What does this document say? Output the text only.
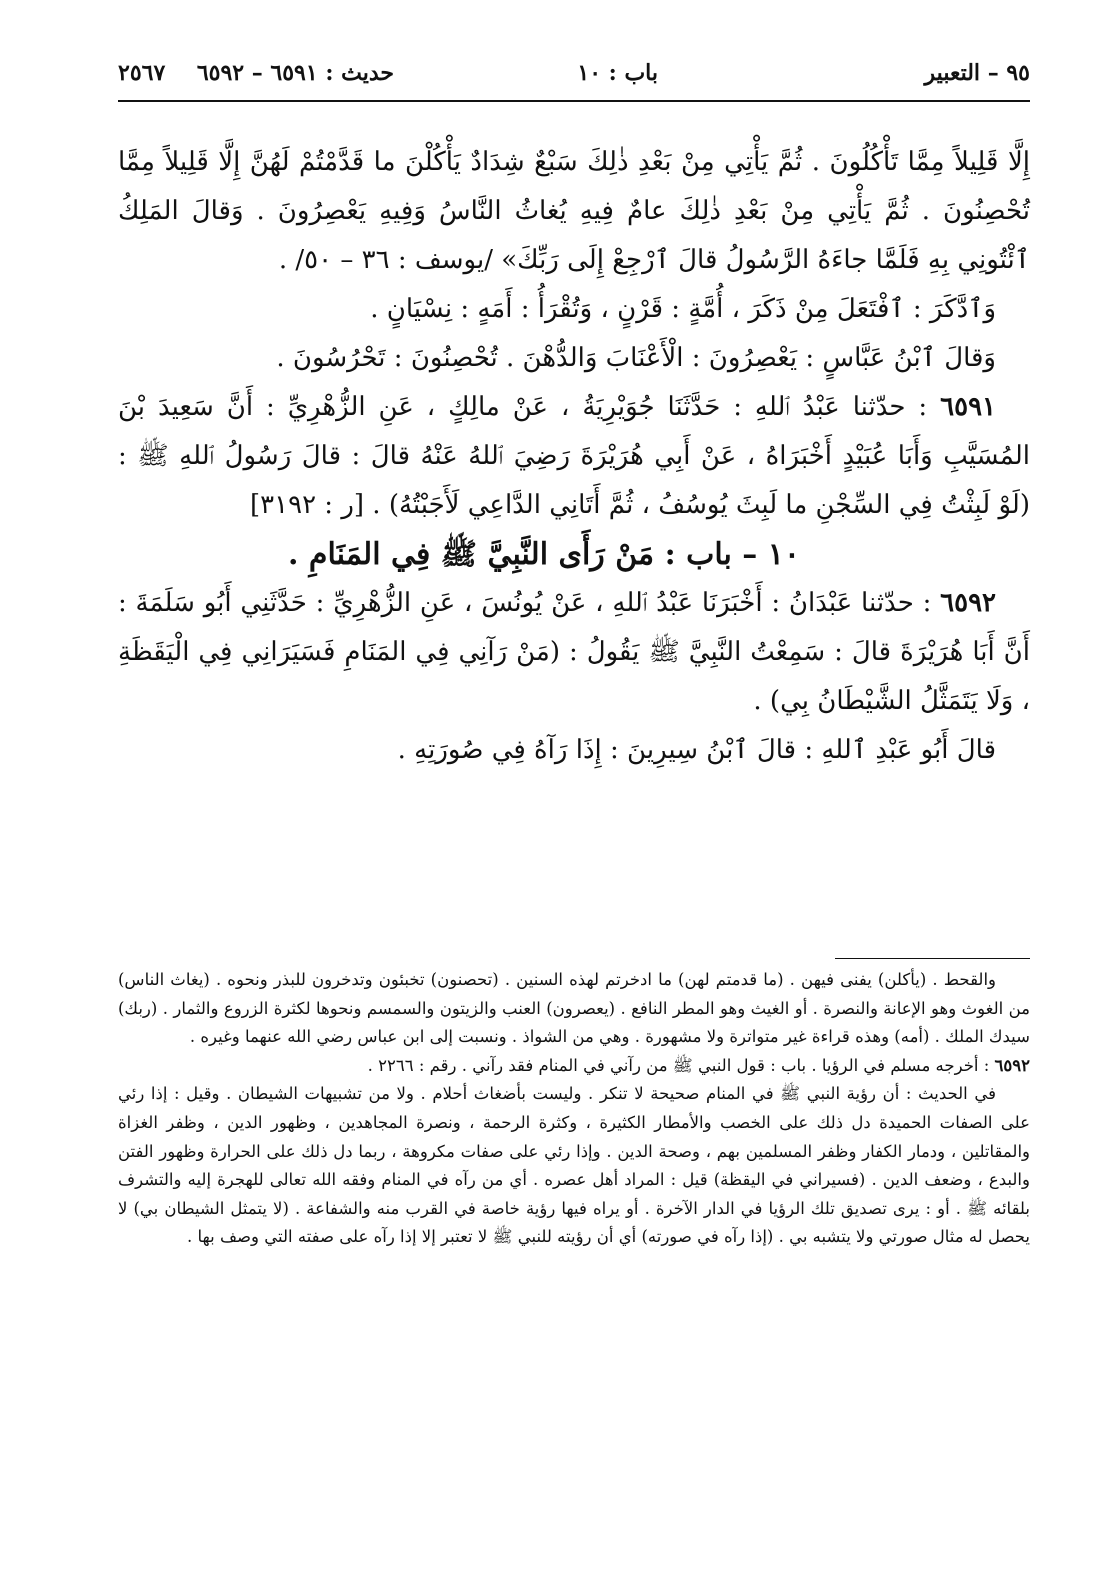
٩٥ – التعبير
باب : ١٠
حديث : ٦٥٩١ – ٦٥٩٢
٢٥٦٧

إِلَّا قَلِيلاً مِمَّا تَأْكُلُونَ . ثُمَّ يَأْتِي مِنْ بَعْدِ ذٰلِكَ سَبْعٌ شِدَادٌ يَأْكُلْنَ ما قَدَّمْتُمْ لَهُنَّ إِلَّا قَلِيلاً مِمَّا تُحْصِنُونَ . ثُمَّ يَأْتِي مِنْ بَعْدِ ذٰلِكَ عامٌ فِيهِ يُغاثُ النَّاسُ وَفِيهِ يَعْصِرُونَ . وَقالَ المَلِكُ ٱئْتُونِي بِهِ فَلَمَّا جاءَهُ الرَّسُولُ قالَ ٱرْجِعْ إِلَى رَبِّكَ» /يوسف : ٣٦ – ٥٠/ .

وَٱدَّكَرَ : ٱفْتَعَلَ مِنْ ذَكَرَ ، أُمَّةٍ : قَرْنٍ ، وَتُقْرَأُ : أَمَهٍ : نِسْيَانٍ .

وَقالَ ٱبْنُ عَبَّاسٍ : يَعْصِرُونَ : الْأَعْنَابَ وَالدُّهْنَ . تُحْصِنُونَ : تَحْرُسُونَ .

٦٥٩١ : حدّثنا عَبْدُ ٱللهِ : حَدَّثَنَا جُوَيْرِيَةُ ، عَنْ مالِكٍ ، عَنِ الزُّهْرِيِّ : أَنَّ سَعِيدَ بْنَ المُسَيَّبِ وَأَبَا عُبَيْدٍ أَخْبَرَاهُ ، عَنْ أَبِي هُرَيْرَةَ رَضِيَ ٱللهُ عَنْهُ قالَ : قالَ رَسُولُ ٱللهِ ﷺ : (لَوْ لَبِثْتُ فِي السِّجْنِ ما لَبِثَ يُوسُفُ ، ثُمَّ أَتَانِي الدَّاعِي لَأَجَبْتُهُ) . [ر : ٣١٩٢]

١٠ – باب : مَنْ رَأَى النَّبِيَّ ﷺ فِي المَنَامِ .

٦٥٩٢ : حدّثنا عَبْدَانُ : أَخْبَرَنَا عَبْدُ ٱللهِ ، عَنْ يُونُسَ ، عَنِ الزُّهْرِيِّ : حَدَّثَنِي أَبُو سَلَمَةَ : أَنَّ أَبَا هُرَيْرَةَ قالَ : سَمِعْتُ النَّبِيَّ ﷺ يَقُولُ : (مَنْ رَآنِي فِي المَنَامِ فَسَيَرَانِي فِي الْيَقَظَةِ ، وَلَا يَتَمَثَّلُ الشَّيْطَانُ بِي) .

قالَ أَبُو عَبْدِ ٱللهِ : قالَ ٱبْنُ سِيرِينَ : إِذَا رَآهُ فِي صُورَتِهِ .

والقحط . (يأكلن) يفنى فيهن . (ما قدمتم لهن) ما ادخرتم لهذه السنين . (تحصنون) تخبئون وتدخرون للبذر ونحوه . (يغاث الناس) من الغوث وهو الإعانة والنصرة . أو الغيث وهو المطر النافع . (يعصرون) العنب والزيتون والسمسم ونحوها لكثرة الزروع والثمار . (ربك) سيدك الملك . (أمه) وهذه قراءة غير متواترة ولا مشهورة . وهي من الشواذ . ونسبت إلى ابن عباس رضي الله عنهما وغيره .

٦٥٩٢ : أخرجه مسلم في الرؤيا . باب : قول النبي ﷺ من رآني في المنام فقد رآني . رقم : ٢٢٦٦ .

في الحديث : أن رؤية النبي ﷺ في المنام صحيحة لا تنكر . وليست بأضغاث أحلام . ولا من تشبيهات الشيطان . وقيل : إذا رئي على الصفات الحميدة دل ذلك على الخصب والأمطار الكثيرة ، وكثرة الرحمة ، ونصرة المجاهدين ، وظهور الدين ، وظفر الغزاة والمقاتلين ، ودمار الكفار وظفر المسلمين بهم ، وصحة الدين . وإذا رئي على صفات مكروهة ، ربما دل ذلك على الحرارة وظهور الفتن والبدع ، وضعف الدين . (فسيراني في اليقظة) قيل : المراد أهل عصره . أي من رآه في المنام وفقه الله تعالى للهجرة إليه والتشرف بلقائه ﷺ . أو : يرى تصديق تلك الرؤيا في الدار الآخرة . أو يراه فيها رؤية خاصة في القرب منه والشفاعة . (لا يتمثل الشيطان بي) لا يحصل له مثال صورتي ولا يتشبه بي . (إذا رآه في صورته) أي أن رؤيته للنبي ﷺ لا تعتبر إلا إذا رآه على صفته التي وصف بها .
